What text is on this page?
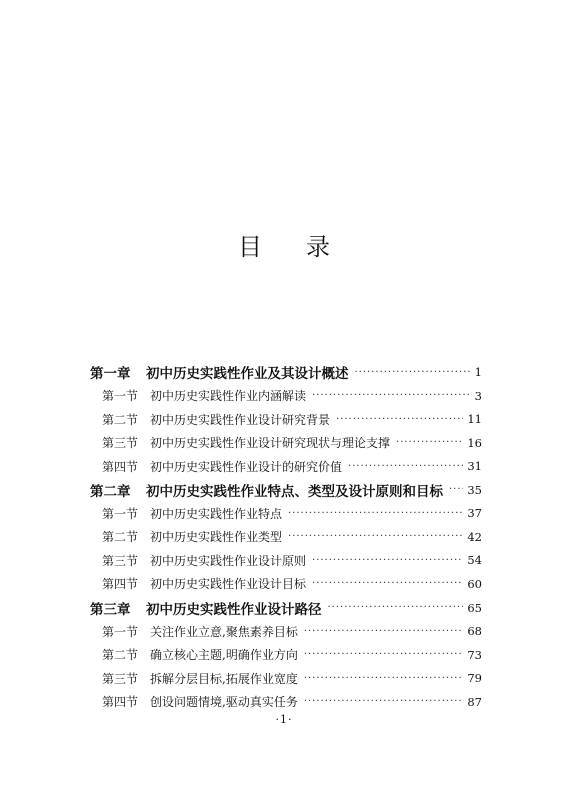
目录
第一章	初中历史实践性作业及其设计概述 ·····	1
第一节 初中历史实践性作业内涵解读 ·····	3
第二节 初中历史实践性作业设计研究背景 ·····	11
第三节 初中历史实践性作业设计研究现状与理论支撑 ·····	16
第四节 初中历史实践性作业设计的研究价值 ·····	31
第二章	初中历史实践性作业特点、类型及设计原则和目标 ·····	35
第一节 初中历史实践性作业特点 ·····	37
第二节 初中历史实践性作业类型 ·····	42
第三节 初中历史实践性作业设计原则 ·····	54
第四节 初中历史实践性作业设计目标 ·····	60
第三章	初中历史实践性作业设计路径 ·····	65
第一节 关注作业立意,聚焦素养目标 ·····	68
第二节 确立核心主题,明确作业方向 ·····	73
第三节 拆解分层目标,拓展作业宽度 ·····	79
第四节 创设问题情境,驱动真实任务 ·····	87
·1·
